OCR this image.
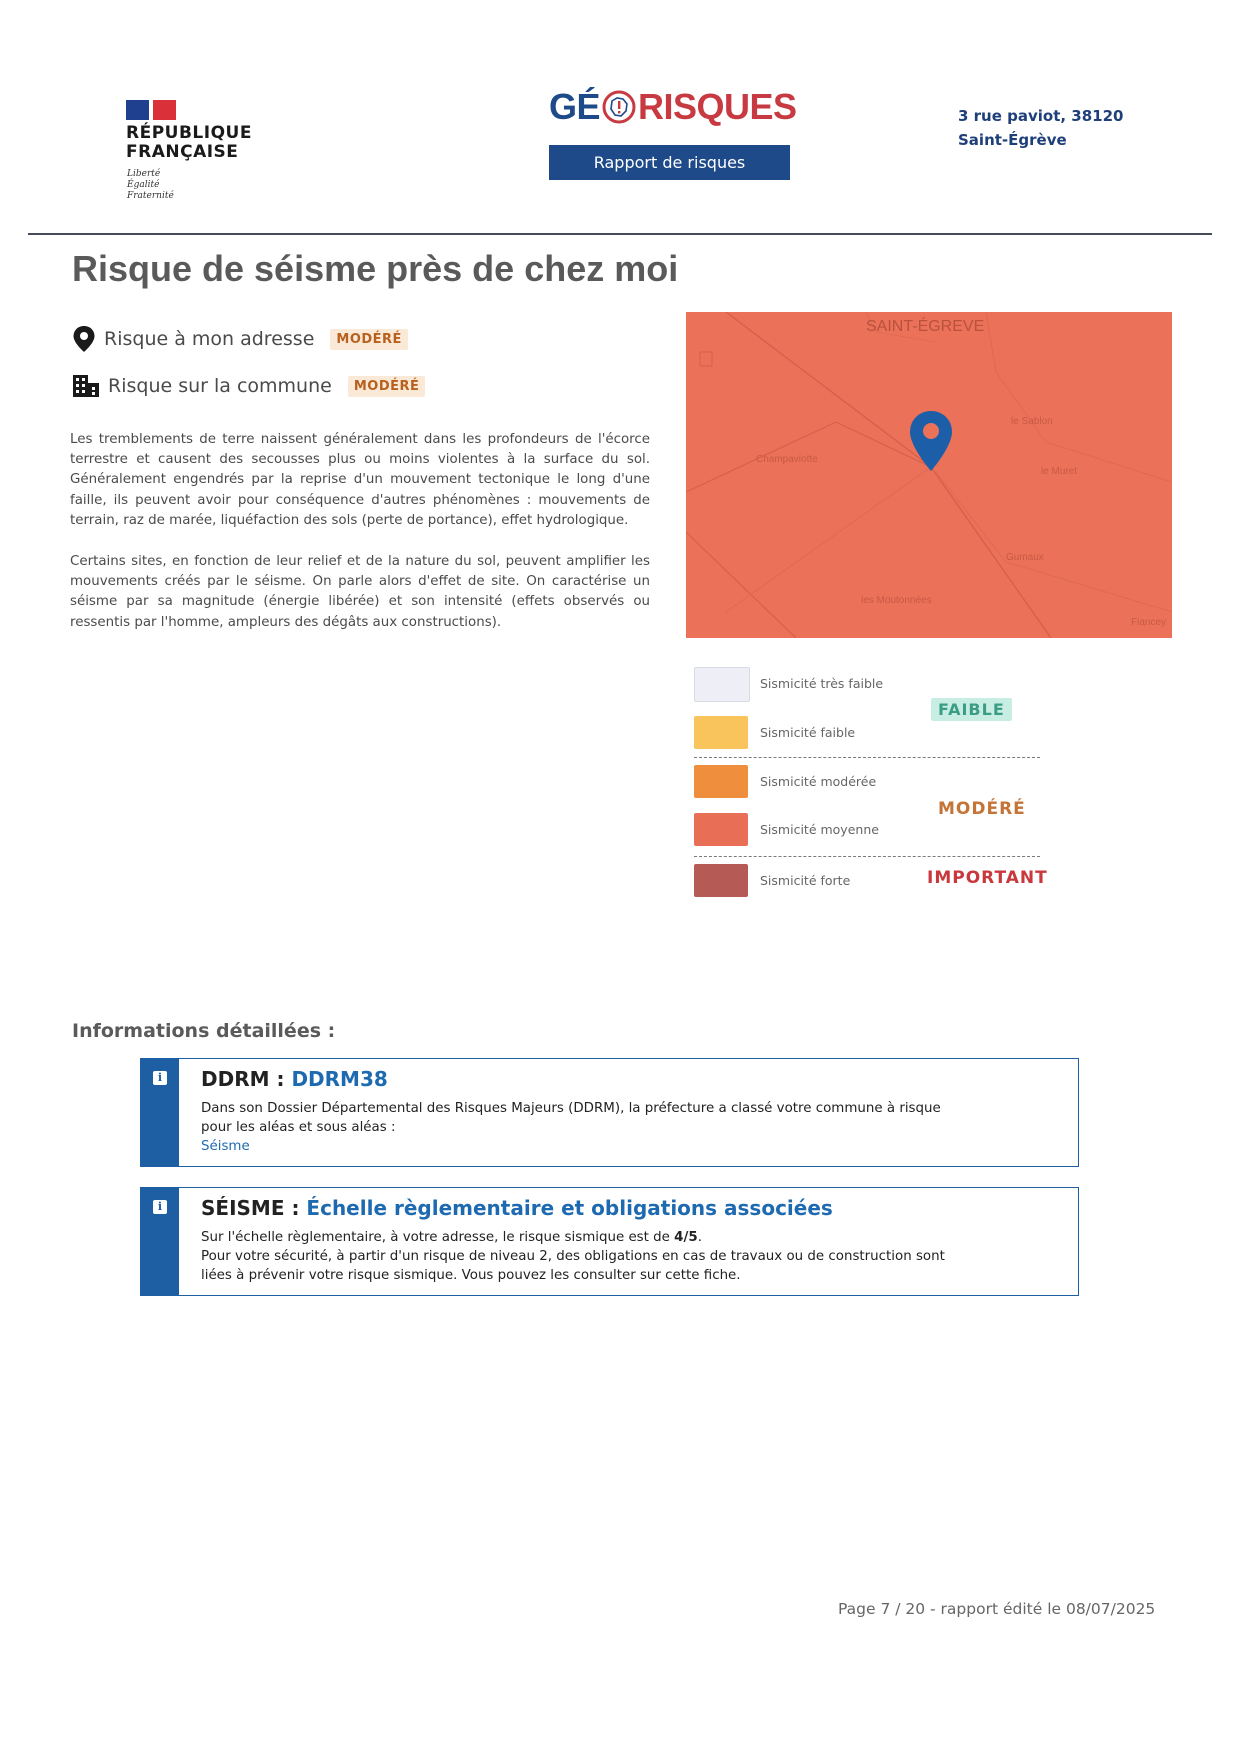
RÉPUBLIQUE
FRANÇAISE
Liberté
Égalité
Fraternité
GÉ RISQUES
Rapport de risques
3 rue paviot, 38120 Saint-Égrève
Risque de séisme près de chez moi
Risque à mon adresse	MODÉRÉ
Risque sur la commune	MODÉRÉ
Les tremblements de terre naissent généralement dans les profondeurs de l'écorce terrestre et causent des secousses plus ou moins violentes à la surface du sol. Généralement engendrés par la reprise d'un mouvement tectonique le long d'une faille, ils peuvent avoir pour conséquence d'autres phénomènes : mouvements de terrain, raz de marée, liquéfaction des sols (perte de portance), effet hydrologique.
Certains sites, en fonction de leur relief et de la nature du sol, peuvent amplifier les mouvements créés par le séisme. On parle alors d'effet de site. On caractérise un séisme par sa magnitude (énergie libérée) et son intensité (effets observés ou ressentis par l'homme, ampleurs des dégâts aux constructions).
SAINT-ÉGREVE
Champaviotte
le Sablon
le Muret
Gumaux
les Moutonnées
Fiancey
Sismicité très faible
Sismicité faible
Sismicité modérée
Sismicité moyenne
Sismicité forte
FAIBLE
MODÉRÉ
IMPORTANT
Informations détaillées :
i DDRM : DDRM38
Dans son Dossier Départemental des Risques Majeurs (DDRM), la préfecture a classé votre commune à risque pour les aléas et sous aléas :
Séisme
i SÉISME : Échelle règlementaire et obligations associées
Sur l'échelle règlementaire, à votre adresse, le risque sismique est de 4/5.
Pour votre sécurité, à partir d'un risque de niveau 2, des obligations en cas de travaux ou de construction sont liées à prévenir votre risque sismique. Vous pouvez les consulter sur cette fiche.
Page 7 / 20 - rapport édité le 08/07/2025
